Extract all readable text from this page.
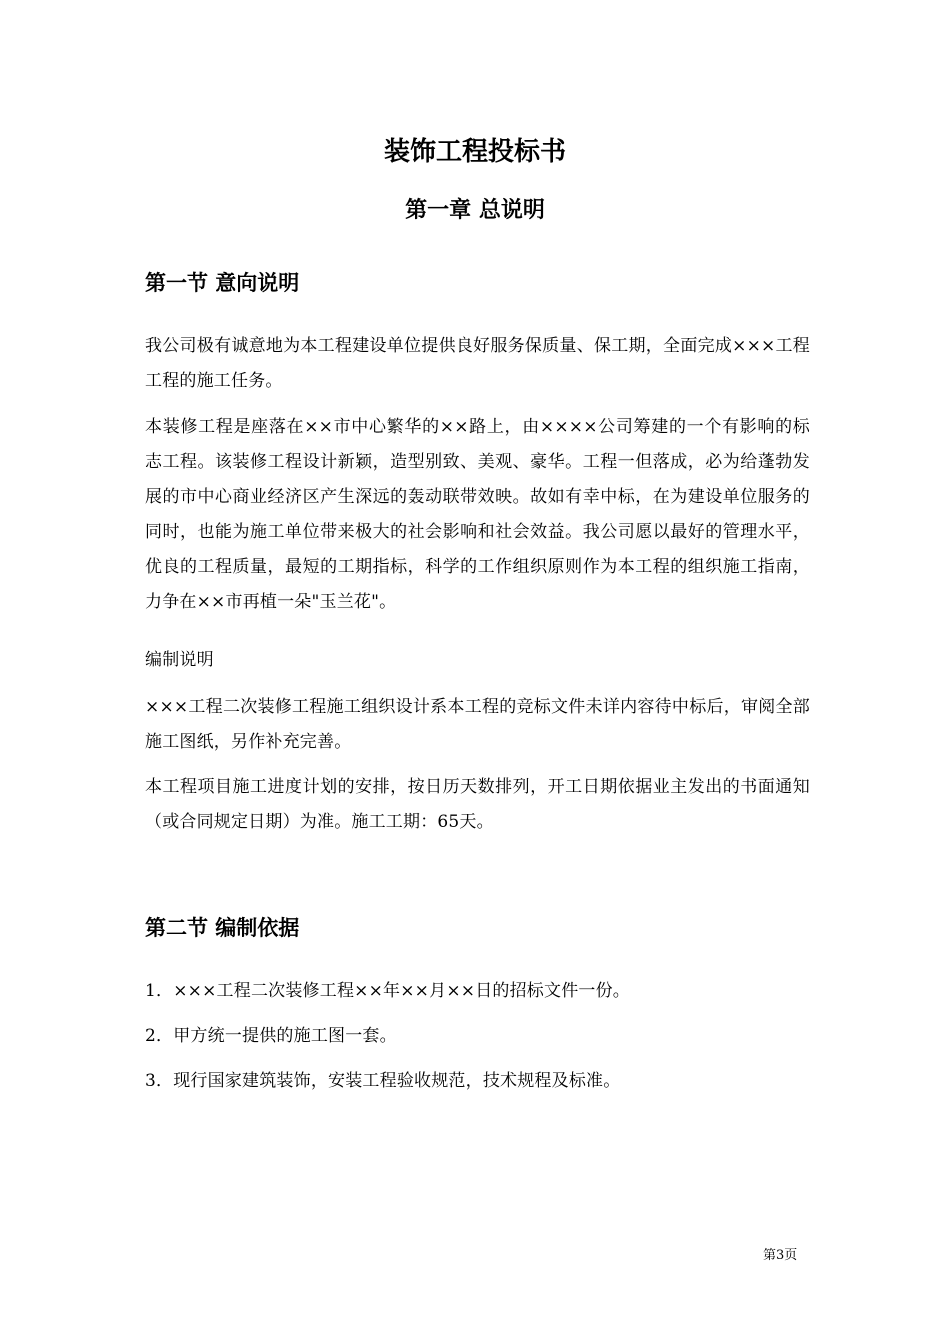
装饰工程投标书
第一章 总说明
第一节 意向说明
我公司极有诚意地为本工程建设单位提供良好服务保质量、保工期，全面完成×××工程工程的施工任务。
本装修工程是座落在××市中心繁华的××路上，由××××公司筹建的一个有影响的标志工程。该装修工程设计新颖，造型别致、美观、豪华。工程一但落成，必为给蓬勃发展的市中心商业经济区产生深远的轰动联带效映。故如有幸中标，在为建设单位服务的同时，也能为施工单位带来极大的社会影响和社会效益。我公司愿以最好的管理水平，优良的工程质量，最短的工期指标，科学的工作组织原则作为本工程的组织施工指南，力争在××市再植一朵"玉兰花"。
编制说明
×××工程二次装修工程施工组织设计系本工程的竞标文件未详内容待中标后，审阅全部施工图纸，另作补充完善。
本工程项目施工进度计划的安排，按日历天数排列，开工日期依据业主发出的书面通知（或合同规定日期）为准。施工工期：65天。
第二节 编制依据
1．×××工程二次装修工程××年××月××日的招标文件一份。
2．甲方统一提供的施工图一套。
3．现行国家建筑装饰，安装工程验收规范，技术规程及标准。
第3页
